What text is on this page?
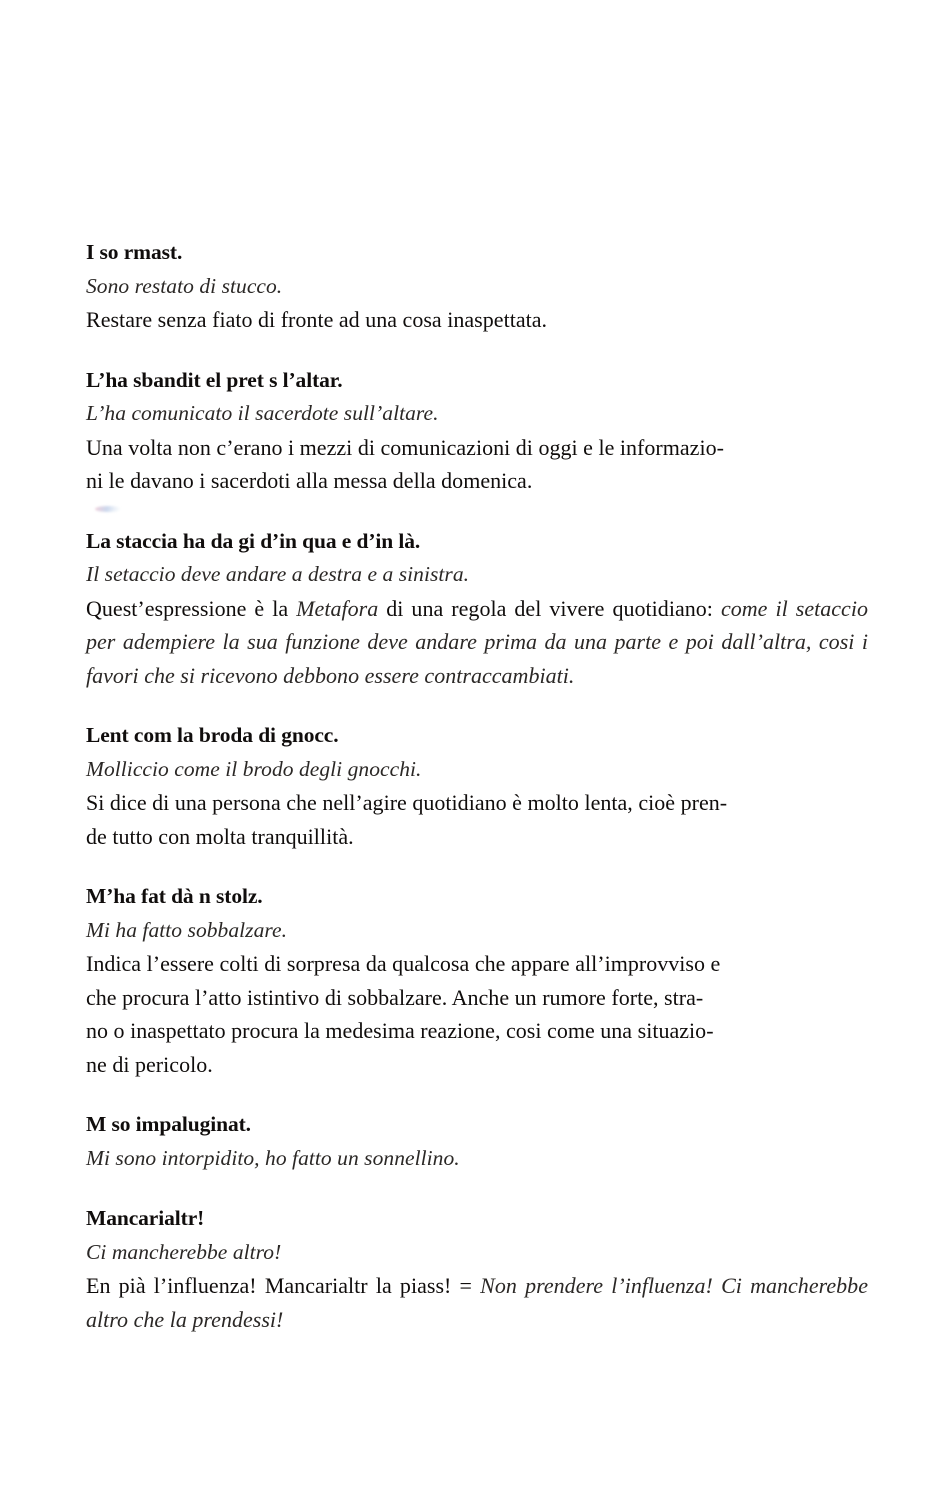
I so rmast.
Sono restato di stucco.
Restare senza fiato di fronte ad una cosa inaspettata.
L’ha sbandit el pret s l’altar.
L’ha comunicato il sacerdote sull’altare.
Una volta non c’erano i mezzi di comunicazioni di oggi e le informazio-
ni le davano i sacerdoti alla messa della domenica.
La staccia ha da gi d’in qua e d’in là.
Il setaccio deve andare a destra e a sinistra.
Quest’espressione è la Metafora di una regola del vivere quotidiano: come il setaccio per adempiere la sua funzione deve andare prima da una parte e poi dall’altra, cosi i favori che si ricevono debbono essere contraccambiati.
Lent com la broda di gnocc.
Molliccio come il brodo degli gnocchi.
Si dice di una persona che nell’agire quotidiano è molto lenta, cioè pren-
de tutto con molta tranquillità.
M’ha fat dà n stolz.
Mi ha fatto sobbalzare.
Indica l’essere colti di sorpresa da qualcosa che appare all’improvviso e
che procura l’atto istintivo di sobbalzare. Anche un rumore forte, stra-
no o inaspettato procura la medesima reazione, cosi come una situazio-
ne di pericolo.
M so impaluginat.
Mi sono intorpidito, ho fatto un sonnellino.
Mancarialtr!
Ci mancherebbe altro!
En pià l’influenza! Mancarialtr la piass! = Non prendere l’influenza! Ci mancherebbe altro che la prendessi!
